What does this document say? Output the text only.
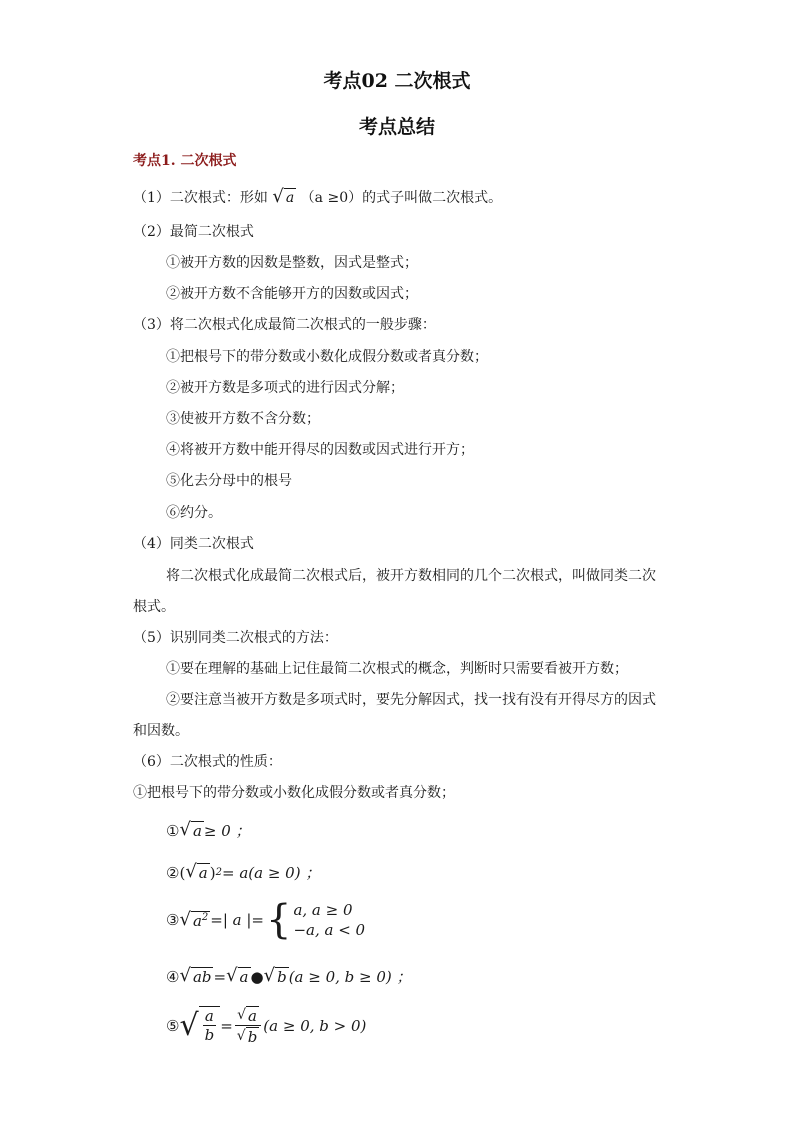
考点02 二次根式
考点总结
考点1. 二次根式
（1）二次根式：形如 √ a （a ≥0）的式子叫做二次根式。
（2）最简二次根式
①被开方数的因数是整数，因式是整式；
②被开方数不含能够开方的因数或因式；
（3）将二次根式化成最简二次根式的一般步骤：
①把根号下的带分数或小数化成假分数或者真分数；
②被开方数是多项式的进行因式分解；
③使被开方数不含分数；
④将被开方数中能开得尽的因数或因式进行开方；
⑤化去分母中的根号
⑥约分。
（4）同类二次根式
将二次根式化成最简二次根式后，被开方数相同的几个二次根式，叫做同类二次
根式。
（5）识别同类二次根式的方法：
①要在理解的基础上记住最简二次根式的概念，判断时只需要看被开方数；
②要注意当被开方数是多项式时，要先分解因式，找一找有没有开得尽方的因式
和因数。
（6）二次根式的性质：
①把根号下的带分数或小数化成假分数或者真分数；
① √ a ≥ 0 ；
② ( √ a ) 2 = a(a ≥ 0) ；
③ √ $a^2$ =| a |= { a, a ≥ 0
−a, a < 0
④ √ ab = √ a ● √ b (a ≥ 0, b ≥ 0) ；
⑤ √ $\frac{a}{b} = \frac{√ a}{√ b} (a \ge 0$, b > 0)
